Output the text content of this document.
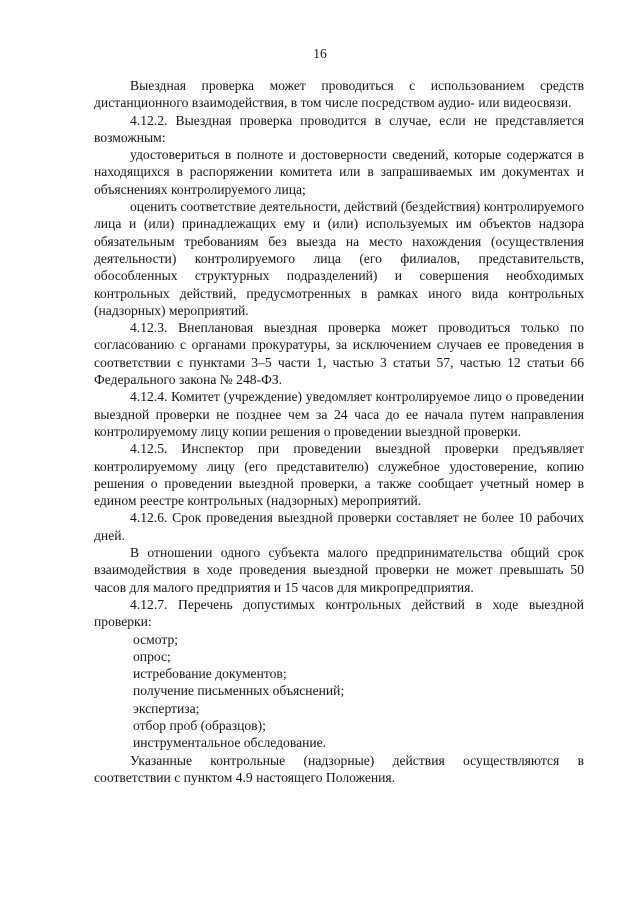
16

Выездная проверка может проводиться с использованием средств дистанционного взаимодействия, в том числе посредством аудио- или видеосвязи.

4.12.2. Выездная проверка проводится в случае, если не представляется возможным:

удостовериться в полноте и достоверности сведений, которые содержатся в находящихся в распоряжении комитета или в запрашиваемых им документах и объяснениях контролируемого лица;

оценить соответствие деятельности, действий (бездействия) контролируемого лица и (или) принадлежащих ему и (или) используемых им объектов надзора обязательным требованиям без выезда на место нахождения (осуществления деятельности) контролируемого лица (его филиалов, представительств, обособленных структурных подразделений) и совершения необходимых контрольных действий, предусмотренных в рамках иного вида контрольных (надзорных) мероприятий.

4.12.3. Внеплановая выездная проверка может проводиться только по согласованию с органами прокуратуры, за исключением случаев ее проведения в соответствии с пунктами 3–5 части 1, частью 3 статьи 57, частью 12 статьи 66 Федерального закона № 248-ФЗ.

4.12.4. Комитет (учреждение) уведомляет контролируемое лицо о проведении выездной проверки не позднее чем за 24 часа до ее начала путем направления контролируемому лицу копии решения о проведении выездной проверки.

4.12.5. Инспектор при проведении выездной проверки предъявляет контролируемому лицу (его представителю) служебное удостоверение, копию решения о проведении выездной проверки, а также сообщает учетный номер в едином реестре контрольных (надзорных) мероприятий.

4.12.6. Срок проведения выездной проверки составляет не более 10 рабочих дней.

В отношении одного субъекта малого предпринимательства общий срок взаимодействия в ходе проведения выездной проверки не может превышать 50 часов для малого предприятия и 15 часов для микропредприятия.

4.12.7. Перечень допустимых контрольных действий в ходе выездной проверки:

осмотр;
опрос;
истребование документов;
получение письменных объяснений;
экспертиза;
отбор проб (образцов);
инструментальное обследование.

Указанные контрольные (надзорные) действия осуществляются в соответствии с пунктом 4.9 настоящего Положения.
